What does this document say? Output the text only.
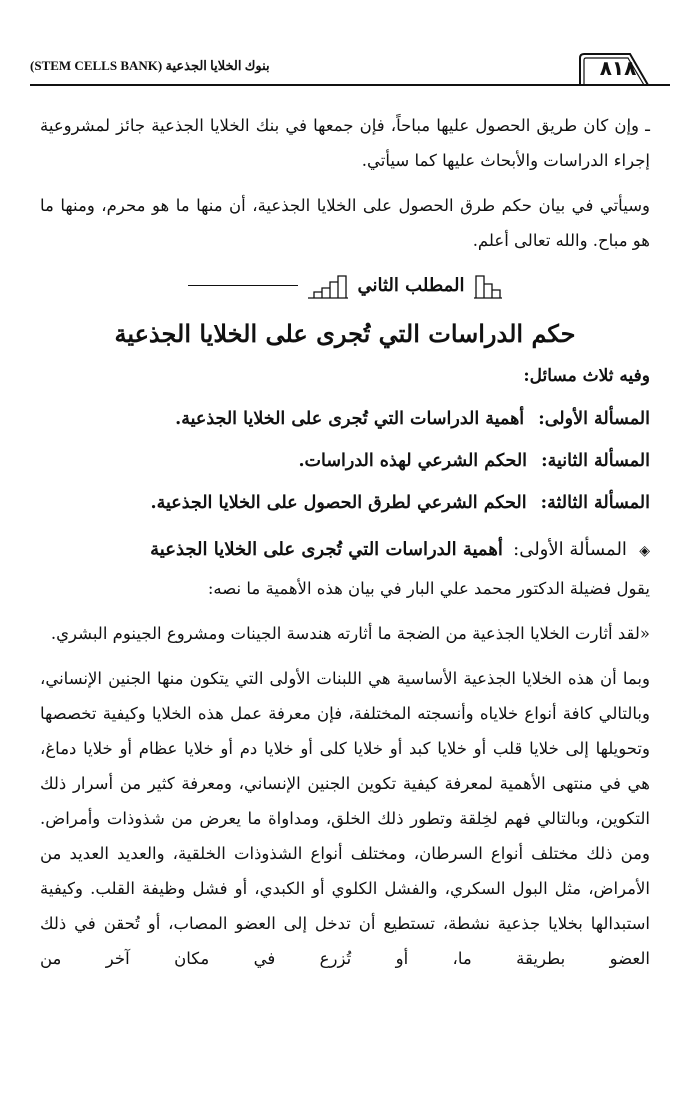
بنوك الخلايا الجذعية (STEM CELLS BANK)	٨١٨

ـ وإن كان طريق الحصول عليها مباحاً، فإن جمعها في بنك الخلايا الجذعية جائز لمشروعية إجراء الدراسات والأبحاث عليها كما سيأتي.

وسيأتي في بيان حكم طرق الحصول على الخلايا الجذعية، أن منها ما هو محرم، ومنها ما هو مباح. والله تعالى أعلم.

المطلب الثاني
حكم الدراسات التي تُجرى على الخلايا الجذعية

وفيه ثلاث مسائل:

المسألة الأولى: أهمية الدراسات التي تُجرى على الخلايا الجذعية.

المسألة الثانية: الحكم الشرعي لهذه الدراسات.

المسألة الثالثة: الحكم الشرعي لطرق الحصول على الخلايا الجذعية.

◈ المسألة الأولى: أهمية الدراسات التي تُجرى على الخلايا الجذعية

يقول فضيلة الدكتور محمد علي البار في بيان هذه الأهمية ما نصه:

«لقد أثارت الخلايا الجذعية من الضجة ما أثارته هندسة الجينات ومشروع الجينوم البشري.

وبما أن هذه الخلايا الجذعية الأساسية هي اللبنات الأولى التي يتكون منها الجنين الإنساني، وبالتالي كافة أنواع خلاياه وأنسجته المختلفة، فإن معرفة عمل هذه الخلايا وكيفية تخصصها وتحويلها إلى خلايا قلب أو خلايا كبد أو خلايا كلى أو خلايا دم أو خلايا عظام أو خلايا دماغ، هي في منتهى الأهمية لمعرفة كيفية تكوين الجنين الإنساني، ومعرفة كثير من أسرار ذلك التكوين، وبالتالي فهم لخِلقة وتطور ذلك الخلق، ومداواة ما يعرض من شذوذات وأمراض. ومن ذلك مختلف أنواع السرطان، ومختلف أنواع الشذوذات الخلقية، والعديد العديد من الأمراض، مثل البول السكري، والفشل الكلوي أو الكبدي، أو فشل وظيفة القلب. وكيفية استبدالها بخلايا جذعية نشطة، تستطيع أن تدخل إلى العضو المصاب، أو تُحقن في ذلك العضو بطريقة ما، أو تُزرع في مكان آخر من
